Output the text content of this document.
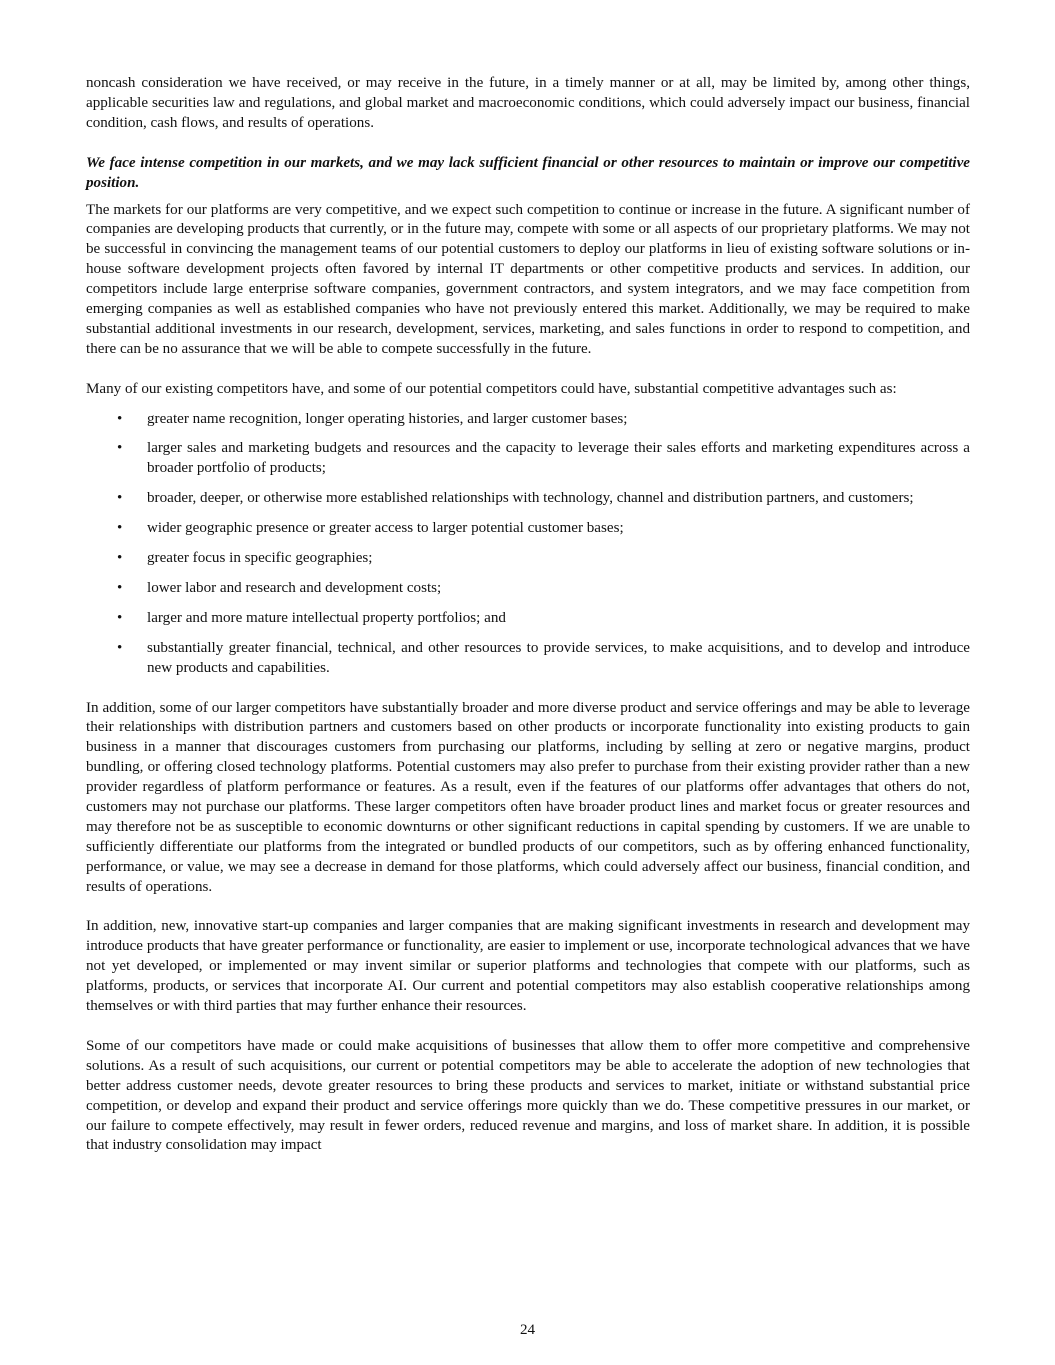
noncash consideration we have received, or may receive in the future, in a timely manner or at all, may be limited by, among other things, applicable securities law and regulations, and global market and macroeconomic conditions, which could adversely impact our business, financial condition, cash flows, and results of operations.

We face intense competition in our markets, and we may lack sufficient financial or other resources to maintain or improve our competitive position.

The markets for our platforms are very competitive, and we expect such competition to continue or increase in the future. A significant number of companies are developing products that currently, or in the future may, compete with some or all aspects of our proprietary platforms. We may not be successful in convincing the management teams of our potential customers to deploy our platforms in lieu of existing software solutions or in-house software development projects often favored by internal IT departments or other competitive products and services. In addition, our competitors include large enterprise software companies, government contractors, and system integrators, and we may face competition from emerging companies as well as established companies who have not previously entered this market. Additionally, we may be required to make substantial additional investments in our research, development, services, marketing, and sales functions in order to respond to competition, and there can be no assurance that we will be able to compete successfully in the future.

Many of our existing competitors have, and some of our potential competitors could have, substantial competitive advantages such as:

• greater name recognition, longer operating histories, and larger customer bases;
• larger sales and marketing budgets and resources and the capacity to leverage their sales efforts and marketing expenditures across a broader portfolio of products;
• broader, deeper, or otherwise more established relationships with technology, channel and distribution partners, and customers;
• wider geographic presence or greater access to larger potential customer bases;
• greater focus in specific geographies;
• lower labor and research and development costs;
• larger and more mature intellectual property portfolios; and
• substantially greater financial, technical, and other resources to provide services, to make acquisitions, and to develop and introduce new products and capabilities.

In addition, some of our larger competitors have substantially broader and more diverse product and service offerings and may be able to leverage their relationships with distribution partners and customers based on other products or incorporate functionality into existing products to gain business in a manner that discourages customers from purchasing our platforms, including by selling at zero or negative margins, product bundling, or offering closed technology platforms. Potential customers may also prefer to purchase from their existing provider rather than a new provider regardless of platform performance or features. As a result, even if the features of our platforms offer advantages that others do not, customers may not purchase our platforms. These larger competitors often have broader product lines and market focus or greater resources and may therefore not be as susceptible to economic downturns or other significant reductions in capital spending by customers. If we are unable to sufficiently differentiate our platforms from the integrated or bundled products of our competitors, such as by offering enhanced functionality, performance, or value, we may see a decrease in demand for those platforms, which could adversely affect our business, financial condition, and results of operations.

In addition, new, innovative start-up companies and larger companies that are making significant investments in research and development may introduce products that have greater performance or functionality, are easier to implement or use, incorporate technological advances that we have not yet developed, or implemented or may invent similar or superior platforms and technologies that compete with our platforms, such as platforms, products, or services that incorporate AI. Our current and potential competitors may also establish cooperative relationships among themselves or with third parties that may further enhance their resources.

Some of our competitors have made or could make acquisitions of businesses that allow them to offer more competitive and comprehensive solutions. As a result of such acquisitions, our current or potential competitors may be able to accelerate the adoption of new technologies that better address customer needs, devote greater resources to bring these products and services to market, initiate or withstand substantial price competition, or develop and expand their product and service offerings more quickly than we do. These competitive pressures in our market, or our failure to compete effectively, may result in fewer orders, reduced revenue and margins, and loss of market share. In addition, it is possible that industry consolidation may impact

24
